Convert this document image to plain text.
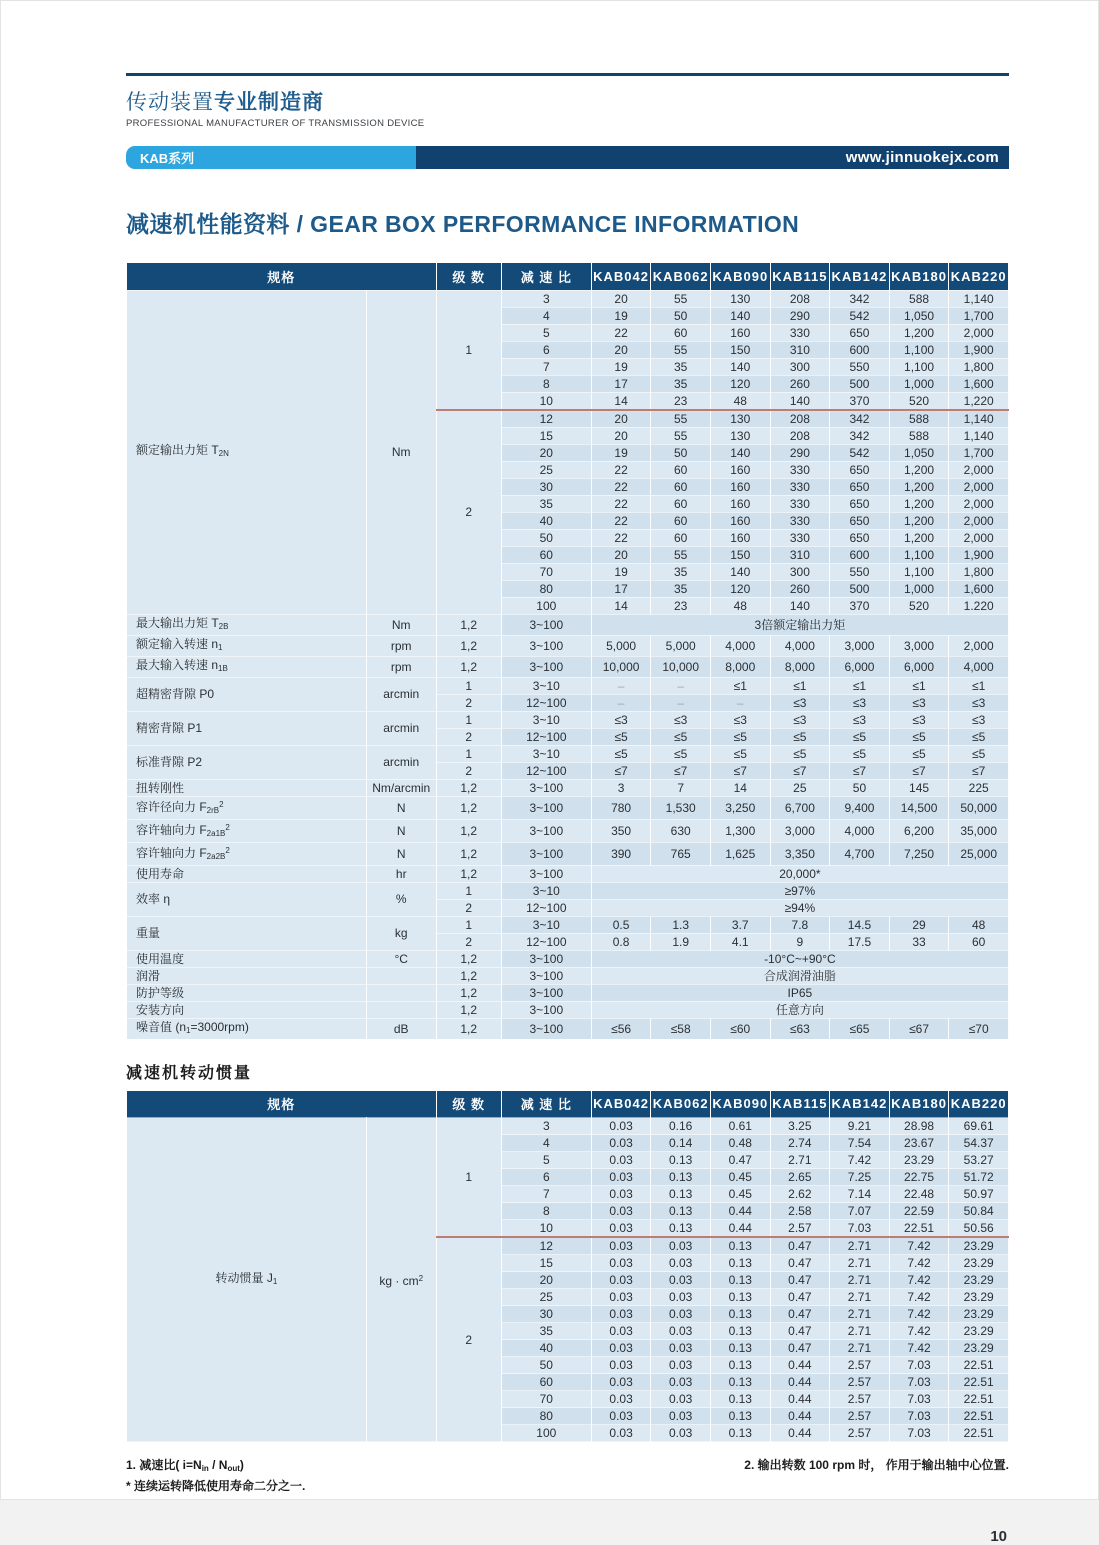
传动装置专业制造商
PROFESSIONAL MANUFACTURER OF TRANSMISSION DEVICE
KAB系列	www.jinnuokejx.com
减速机性能资料 / GEAR BOX PERFORMANCE INFORMATION
规格		级 数	减 速 比	KAB042	KAB062	KAB090	KAB115	KAB142	KAB180	KAB220
额定输出力矩 $T_{2N}$	Nm	1	3	20	55	130	208	342	588	1,140
			4	19	50	140	290	542	1,050	1,700
			5	22	60	160	330	650	1,200	2,000
			6	20	55	150	310	600	1,100	1,900
			7	19	35	140	300	550	1,100	1,800
			8	17	35	120	260	500	1,000	1,600
			10	14	23	48	140	370	520	1,220
		2	12	20	55	130	208	342	588	1,140
			15	20	55	130	208	342	588	1,140
			20	19	50	140	290	542	1,050	1,700
			25	22	60	160	330	650	1,200	2,000
			30	22	60	160	330	650	1,200	2,000
			35	22	60	160	330	650	1,200	2,000
			40	22	60	160	330	650	1,200	2,000
			50	22	60	160	330	650	1,200	2,000
			60	20	55	150	310	600	1,100	1,900
			70	19	35	140	300	550	1,100	1,800
			80	17	35	120	260	500	1,000	1,600
			100	14	23	48	140	370	520	1.220
最大输出力矩 $T_{2B}$	Nm	1,2	3~100	3倍额定输出力矩						
额定输入转速 $n_1$	rpm	1,2	3~100	5,000	5,000	4,000	4,000	3,000	3,000	2,000
最大输入转速 $n_{1B}$	rpm	1,2	3~100	10,000	10,000	8,000	8,000	6,000	6,000	4,000
超精密背隙 P0	arcmin	1	3~10	–	–	≤1	≤1	≤1	≤1	≤1
		2	12~100	–	–	–	≤3	≤3	≤3	≤3
精密背隙 P1	arcmin	1	3~10	≤3	≤3	≤3	≤3	≤3	≤3	≤3
		2	12~100	≤5	≤5	≤5	≤5	≤5	≤5	≤5
标准背隙 P2	arcmin	1	3~10	≤5	≤5	≤5	≤5	≤5	≤5	≤5
		2	12~100	≤7	≤7	≤7	≤7	≤7	≤7	≤7
扭转刚性	Nm/arcmin	1,2	3~100	3	7	14	25	50	145	225
容许径向力 $F_{2rB}^2$	N	1,2	3~100	780	1,530	3,250	6,700	9,400	14,500	50,000
容许轴向力 $F_{2a1B}^2$	N	1,2	3~100	350	630	1,300	3,000	4,000	6,200	35,000
容许轴向力 $F_{2a2B}^2$	N	1,2	3~100	390	765	1,625	3,350	4,700	7,250	25,000
使用寿命	hr	1,2	3~100	20,000*						
效率 η	%	1	3~10	≥97%						
		2	12~100	≥94%						
重量	kg	1	3~10	0.5	1.3	3.7	7.8	14.5	29	48
		2	12~100	0.8	1.9	4.1	9	17.5	33	60
使用温度	°C	1,2	3~100	-10°C~+90°C						
润滑		1,2	3~100	合成润滑油脂						
防护等级		1,2	3~100	IP65						
安装方向		1,2	3~100	任意方向						
噪音值 $(n_1=3000rpm)$	dB	1,2	3~100	≤56	≤58	≤60	≤63	≤65	≤67	≤70
减速机转动惯量
规格		级 数	减 速 比	KAB042	KAB062	KAB090	KAB115	KAB142	KAB180	KAB220
转动惯量 $J_1$	kg · $cm^2$	1	3	0.03	0.16	0.61	3.25	9.21	28.98	69.61
			4	0.03	0.14	0.48	2.74	7.54	23.67	54.37
			5	0.03	0.13	0.47	2.71	7.42	23.29	53.27
			6	0.03	0.13	0.45	2.65	7.25	22.75	51.72
			7	0.03	0.13	0.45	2.62	7.14	22.48	50.97
			8	0.03	0.13	0.44	2.58	7.07	22.59	50.84
			10	0.03	0.13	0.44	2.57	7.03	22.51	50.56
		2	12	0.03	0.03	0.13	0.47	2.71	7.42	23.29
			15	0.03	0.03	0.13	0.47	2.71	7.42	23.29
			20	0.03	0.03	0.13	0.47	2.71	7.42	23.29
			25	0.03	0.03	0.13	0.47	2.71	7.42	23.29
			30	0.03	0.03	0.13	0.47	2.71	7.42	23.29
			35	0.03	0.03	0.13	0.47	2.71	7.42	23.29
			40	0.03	0.03	0.13	0.47	2.71	7.42	23.29
			50	0.03	0.03	0.13	0.44	2.57	7.03	22.51
			60	0.03	0.03	0.13	0.44	2.57	7.03	22.51
			70	0.03	0.03	0.13	0.44	2.57	7.03	22.51
			80	0.03	0.03	0.13	0.44	2.57	7.03	22.51
			100	0.03	0.03	0.13	0.44	2.57	7.03	22.51
1. 减速比( $i=N_{in} / N_{out}$)	2. 输出转数 100 rpm 时， 作用于输出轴中心位置.
* 连续运转降低使用寿命二分之一.
10
